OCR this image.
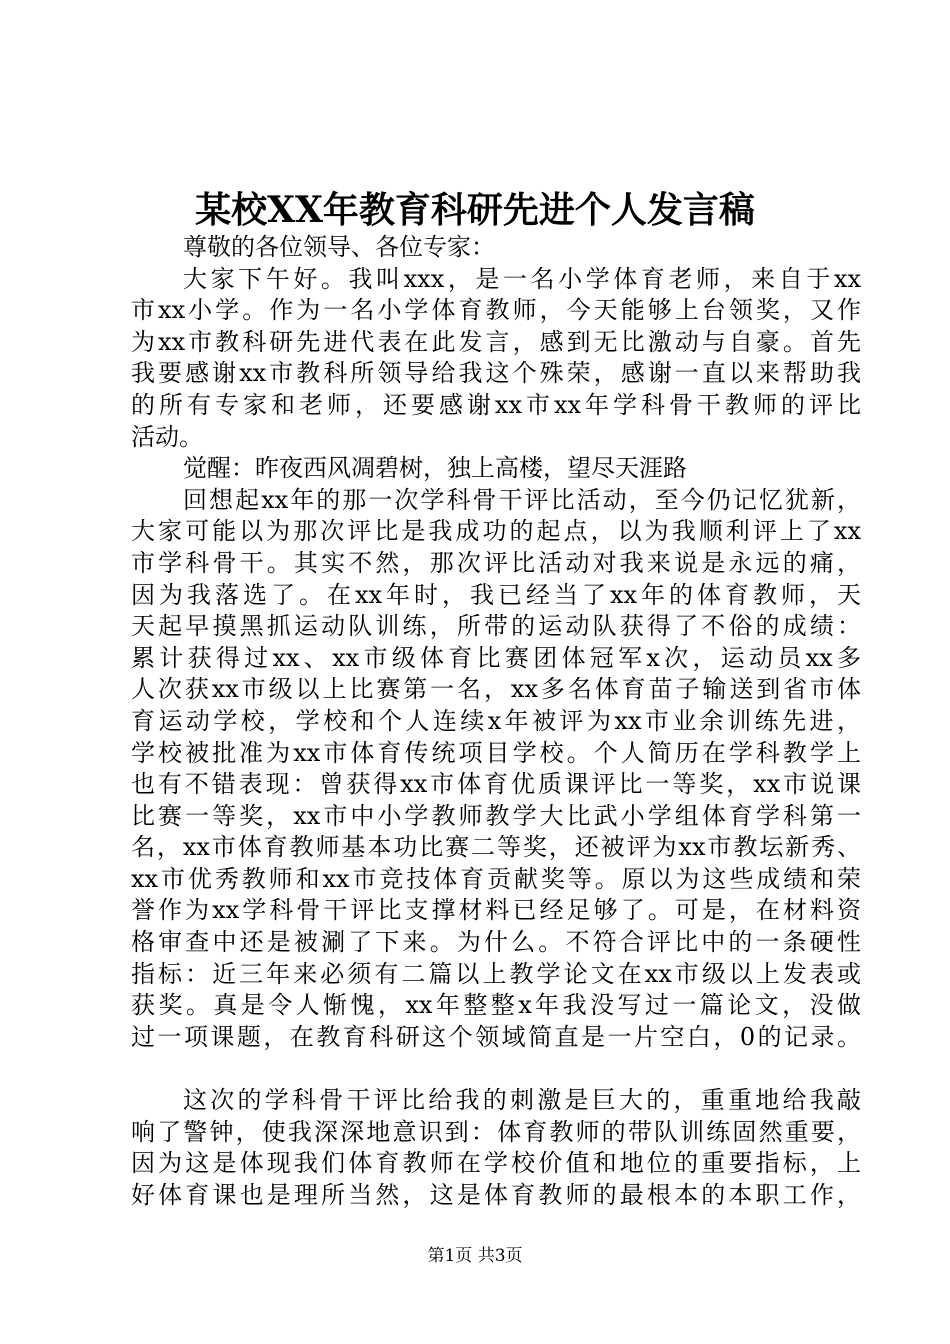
某校XX年教育科研先进个人发言稿
尊敬的各位领导、各位专家：
大家下午好。我叫xxx，是一名小学体育老师，来自于xx
市xx小学。作为一名小学体育教师，今天能够上台领奖，又作
为xx市教科研先进代表在此发言，感到无比激动与自豪。首先
我要感谢xx市教科所领导给我这个殊荣，感谢一直以来帮助我
的所有专家和老师，还要感谢xx市xx年学科骨干教师的评比
活动。
觉醒：昨夜西风凋碧树，独上高楼，望尽天涯路
回想起xx年的那一次学科骨干评比活动，至今仍记忆犹新，
大家可能以为那次评比是我成功的起点，以为我顺利评上了xx
市学科骨干。其实不然，那次评比活动对我来说是永远的痛，
因为我落选了。在xx年时，我已经当了xx年的体育教师，天
天起早摸黑抓运动队训练，所带的运动队获得了不俗的成绩：
累计获得过xx、xx市级体育比赛团体冠军x次，运动员xx多
人次获xx市级以上比赛第一名，xx多名体育苗子输送到省市体
育运动学校，学校和个人连续x年被评为xx市业余训练先进，
学校被批准为xx市体育传统项目学校。个人简历在学科教学上
也有不错表现：曾获得xx市体育优质课评比一等奖，xx市说课
比赛一等奖，xx市中小学教师教学大比武小学组体育学科第一
名，xx市体育教师基本功比赛二等奖，还被评为xx市教坛新秀、
xx市优秀教师和xx市竞技体育贡献奖等。原以为这些成绩和荣
誉作为xx学科骨干评比支撑材料已经足够了。可是，在材料资
格审查中还是被涮了下来。为什么。不符合评比中的一条硬性
指标：近三年来必须有二篇以上教学论文在xx市级以上发表或
获奖。真是令人惭愧，xx年整整x年我没写过一篇论文，没做
过一项课题，在教育科研这个领域简直是一片空白，0的记录。
这次的学科骨干评比给我的刺激是巨大的，重重地给我敲
响了警钟，使我深深地意识到：体育教师的带队训练固然重要，
因为这是体现我们体育教师在学校价值和地位的重要指标，上
好体育课也是理所当然，这是体育教师的最根本的本职工作，
第1页 共3页
